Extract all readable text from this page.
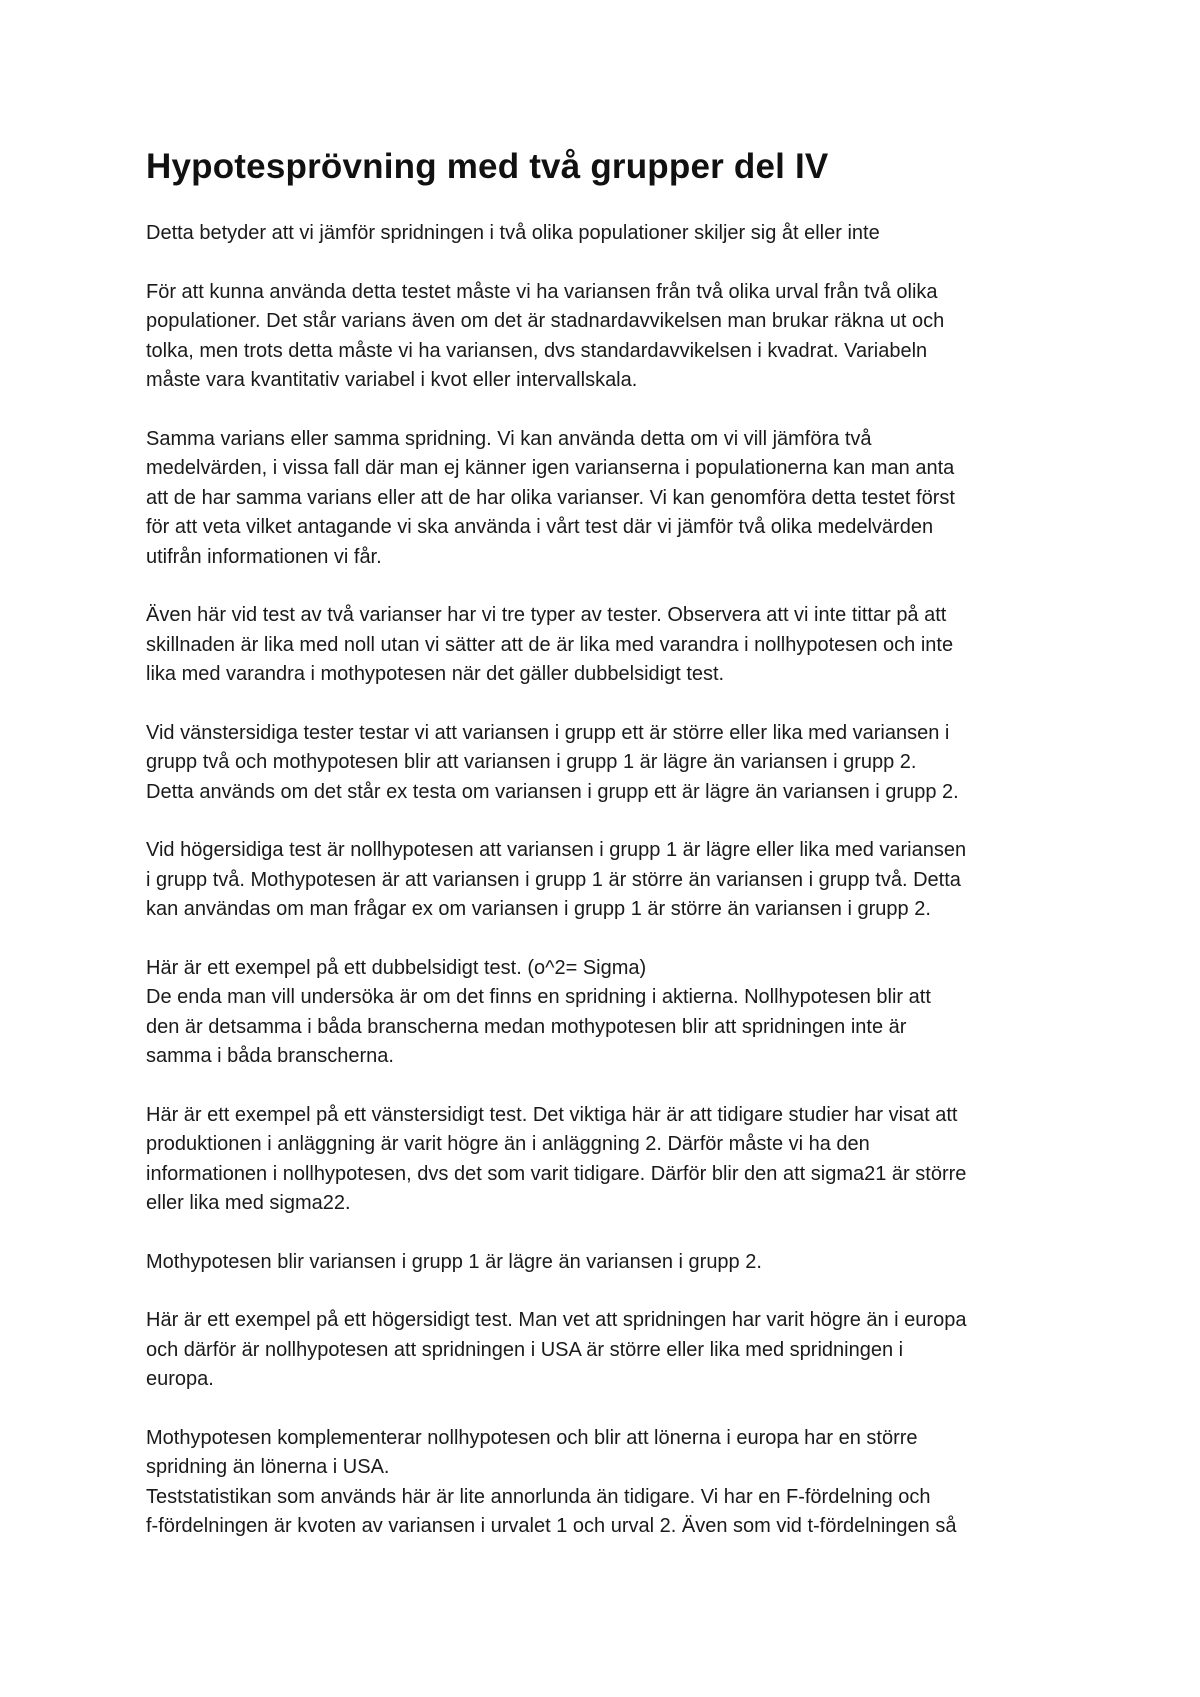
Hypotesprövning med två grupper del IV

Detta betyder att vi jämför spridningen i två olika populationer skiljer sig åt eller inte

För att kunna använda detta testet måste vi ha variansen från två olika urval från två olika
populationer. Det står varians även om det är stadnardavvikelsen man brukar räkna ut och
tolka, men trots detta måste vi ha variansen, dvs standardavvikelsen i kvadrat. Variabeln
måste vara kvantitativ variabel i kvot eller intervallskala.

Samma varians eller samma spridning. Vi kan använda detta om vi vill jämföra två
medelvärden, i vissa fall där man ej känner igen varianserna i populationerna kan man anta
att de har samma varians eller att de har olika varianser. Vi kan genomföra detta testet först
för att veta vilket antagande vi ska använda i vårt test där vi jämför två olika medelvärden
utifrån informationen vi får.

Även här vid test av två varianser har vi tre typer av tester. Observera att vi inte tittar på att
skillnaden är lika med noll utan vi sätter att de är lika med varandra i nollhypotesen och inte
lika med varandra i mothypotesen när det gäller dubbelsidigt test.

Vid vänstersidiga tester testar vi att variansen i grupp ett är större eller lika med variansen i
grupp två och mothypotesen blir att variansen i grupp 1 är lägre än variansen i grupp 2.
Detta används om det står ex testa om variansen i grupp ett är lägre än variansen i grupp 2.

Vid högersidiga test är nollhypotesen att variansen i grupp 1 är lägre eller lika med variansen
i grupp två. Mothypotesen är att variansen i grupp 1 är större än variansen i grupp två. Detta
kan användas om man frågar ex om variansen i grupp 1 är större än variansen i grupp 2.

Här är ett exempel på ett dubbelsidigt test. (o^2= Sigma)
De enda man vill undersöka är om det finns en spridning i aktierna. Nollhypotesen blir att
den är detsamma i båda branscherna medan mothypotesen blir att spridningen inte är
samma i båda branscherna.

Här är ett exempel på ett vänstersidigt test. Det viktiga här är att tidigare studier har visat att
produktionen i anläggning är varit högre än i anläggning 2. Därför måste vi ha den
informationen i nollhypotesen, dvs det som varit tidigare. Därför blir den att sigma21 är större
eller lika med sigma22.

Mothypotesen blir variansen i grupp 1 är lägre än variansen i grupp 2.

Här är ett exempel på ett högersidigt test. Man vet att spridningen har varit högre än i europa
och därför är nollhypotesen att spridningen i USA är större eller lika med spridningen i
europa.

Mothypotesen komplementerar nollhypotesen och blir att lönerna i europa har en större
spridning än lönerna i USA.
Teststatistikan som används här är lite annorlunda än tidigare. Vi har en F-fördelning och
f-fördelningen är kvoten av variansen i urvalet 1 och urval 2. Även som vid t-fördelningen så
